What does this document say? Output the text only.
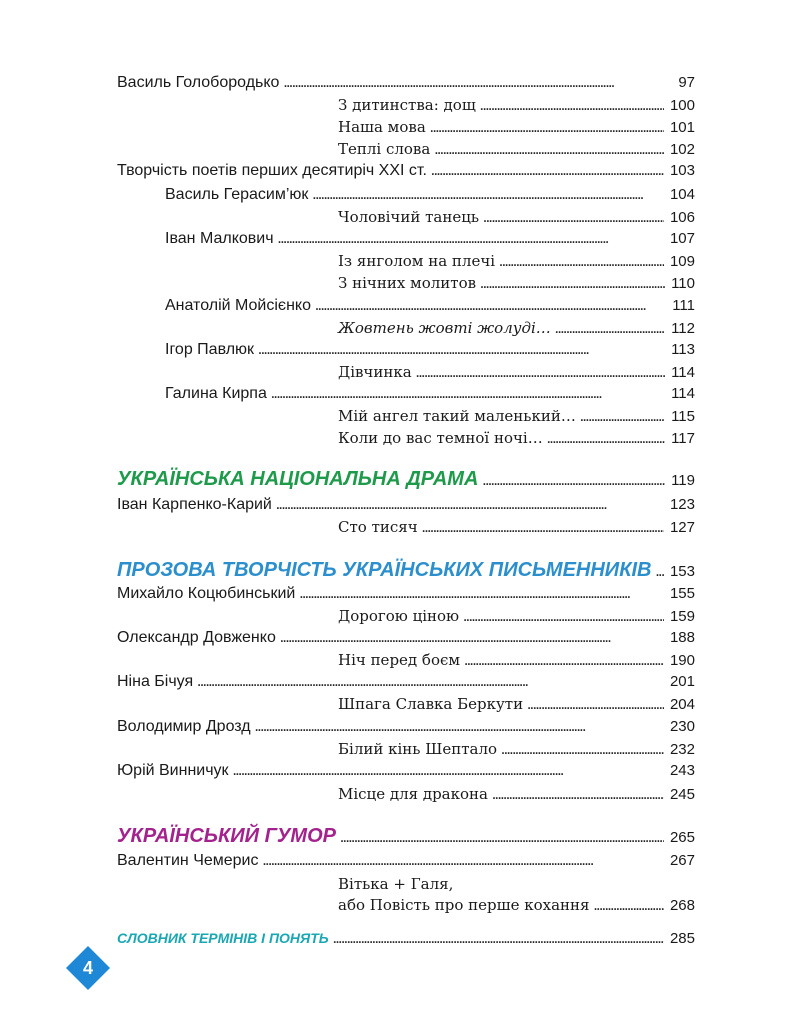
Василь Голобородько . . .	97
З дитинства: дощ . . .	100
Наша мова . . .	101
Теплі слова . . .	102
Творчість поетів перших десятиріч XXI ст. . . .	103
Василь Герасим’юк . . .	104
Чоловічий танець . . .	106
Іван Малкович . . .	107
Із янголом на плечі . . .	109
З нічних молитов . . .	110
Анатолій Мойсієнко . . .	111
Жовтень жовті жолуді… . . .	112
Ігор Павлюк . . .	113
Дівчинка . . .	114
Галина Кирпа . . .	114
Мій ангел такий маленький… . . .	115
Коли до вас темної ночі… . . .	117
УКРАЇНСЬКА НАЦІОНАЛЬНА ДРАМА . . .	119
Іван Карпенко-Карий . . .	123
Сто тисяч . . .	127
ПРОЗОВА ТВОРЧІСТЬ УКРАЇНСЬКИХ ПИСЬМЕННИКІВ . . . 153
Михайло Коцюбинський . . .	155
Дорогою ціною . . .	159
Олександр Довженко . . .	188
Ніч перед боєм . . .	190
Ніна Бічуя . . .	201
Шпага Славка Беркути . . .	204
Володимир Дрозд . . .	230
Білий кінь Шептало . . .	232
Юрій Винничук . . .	243
Місце для дракона . . .	245
УКРАЇНСЬКИЙ ГУМОР . . .	265
Валентин Чемерис . . .	267
Вітька + Галя,
або Повість про перше кохання . . .	268
СЛОВНИК ТЕРМІНІВ І ПОНЯТЬ . . .	285
4
